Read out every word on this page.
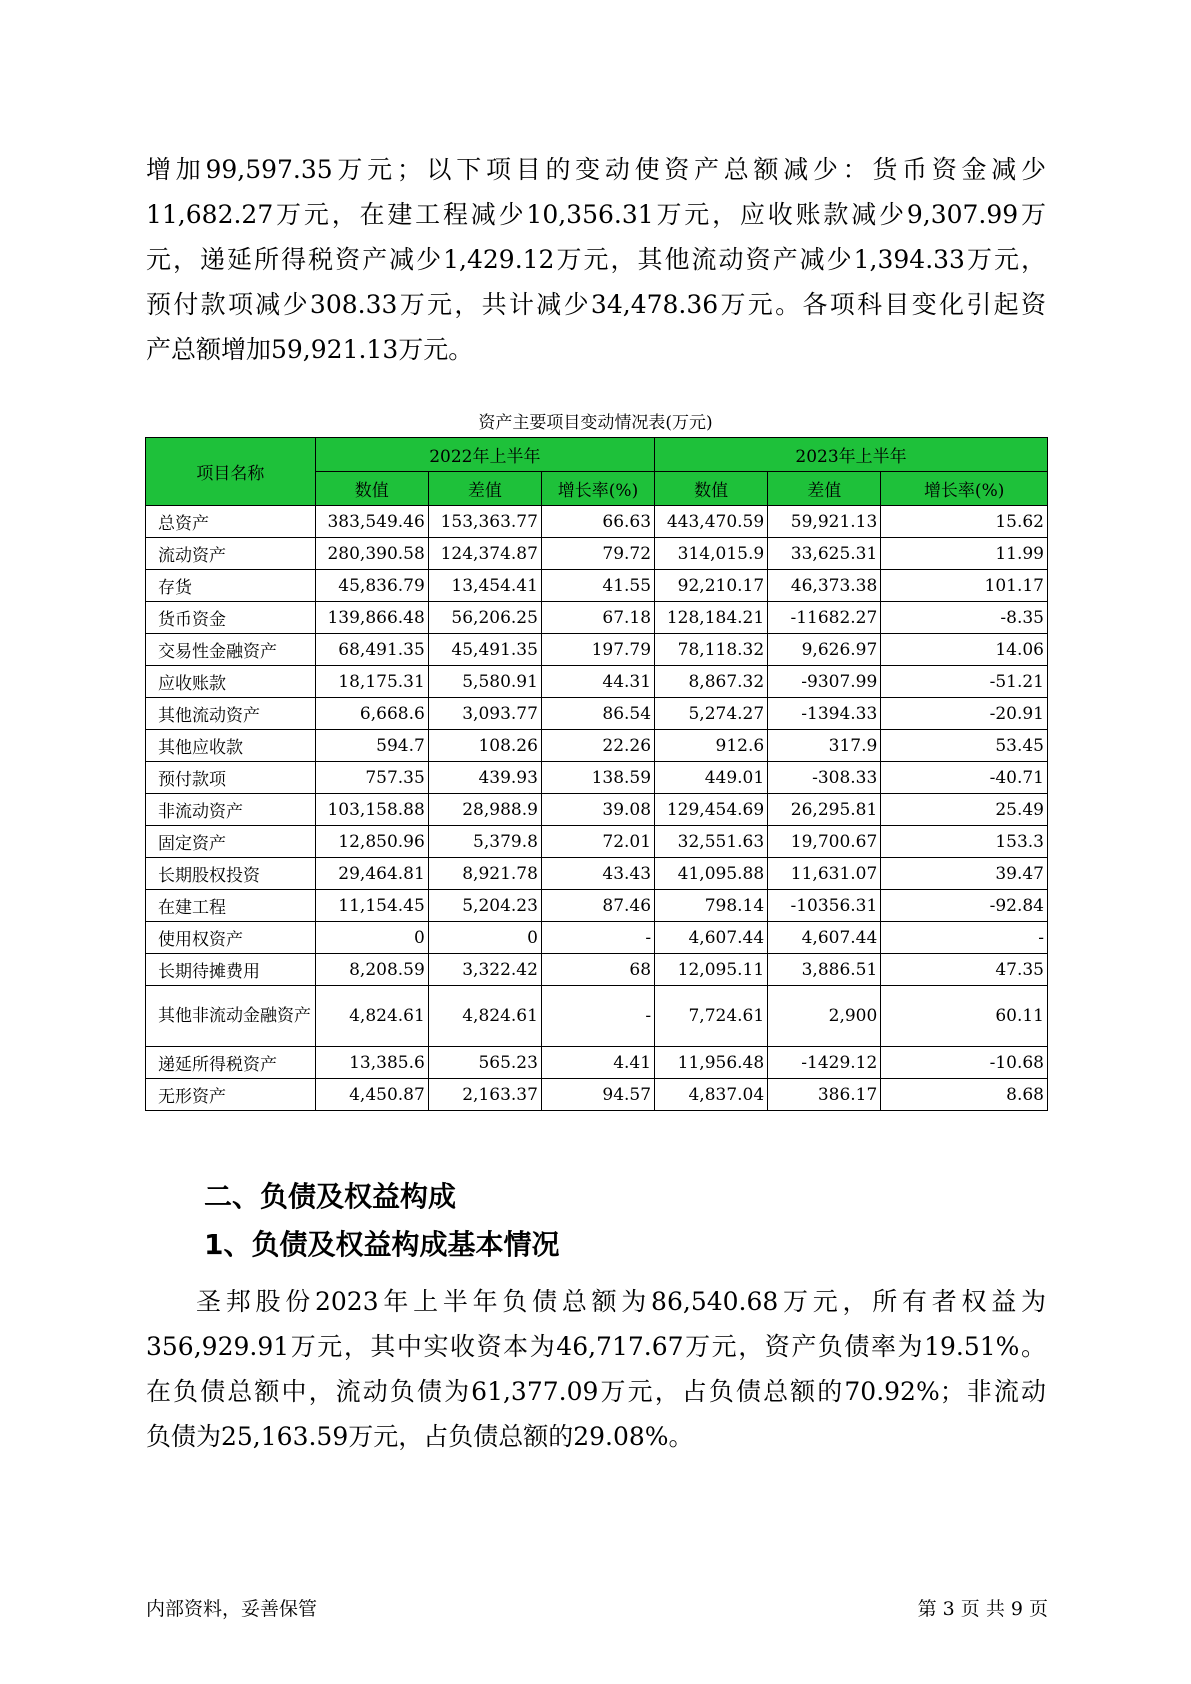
增加99,597.35万元；以下项目的变动使资产总额减少：货币资金减少

11,682.27万元，在建工程减少10,356.31万元，应收账款减少9,307.99万

元，递延所得税资产减少1,429.12万元，其他流动资产减少1,394.33万元，

预付款项减少308.33万元，共计减少34,478.36万元。各项科目变化引起资

产总额增加59,921.13万元。

资产主要项目变动情况表(万元)
项目名称	2022年上半年			2023年上半年		
	数值	差值	增长率(%)	数值	差值	增长率(%)
总资产	383,549.46	153,363.77	66.63	443,470.59	59,921.13	15.62
流动资产	280,390.58	124,374.87	79.72	314,015.9	33,625.31	11.99
存货	45,836.79	13,454.41	41.55	92,210.17	46,373.38	101.17
货币资金	139,866.48	56,206.25	67.18	128,184.21	-11682.27	-8.35
交易性金融资产	68,491.35	45,491.35	197.79	78,118.32	9,626.97	14.06
应收账款	18,175.31	5,580.91	44.31	8,867.32	-9307.99	-51.21
其他流动资产	6,668.6	3,093.77	86.54	5,274.27	-1394.33	-20.91
其他应收款	594.7	108.26	22.26	912.6	317.9	53.45
预付款项	757.35	439.93	138.59	449.01	-308.33	-40.71
非流动资产	103,158.88	28,988.9	39.08	129,454.69	26,295.81	25.49
固定资产	12,850.96	5,379.8	72.01	32,551.63	19,700.67	153.3
长期股权投资	29,464.81	8,921.78	43.43	41,095.88	11,631.07	39.47
在建工程	11,154.45	5,204.23	87.46	798.14	-10356.31	-92.84
使用权资产	0	0	-	4,607.44	4,607.44	-
长期待摊费用	8,208.59	3,322.42	68	12,095.11	3,886.51	47.35
其他非流动金融资产	4,824.61	4,824.61	-	7,724.61	2,900	60.11
递延所得税资产	13,385.6	565.23	4.41	11,956.48	-1429.12	-10.68
无形资产	4,450.87	2,163.37	94.57	4,837.04	386.17	8.68
二、负债及权益构成
1、负债及权益构成基本情况

圣邦股份2023年上半年负债总额为86,540.68万元，所有者权益为

356,929.91万元，其中实收资本为46,717.67万元，资产负债率为19.51%。

在负债总额中，流动负债为61,377.09万元，占负债总额的70.92%；非流动

负债为25,163.59万元，占负债总额的29.08%。

内部资料，妥善保管	第 3 页 共 9 页
